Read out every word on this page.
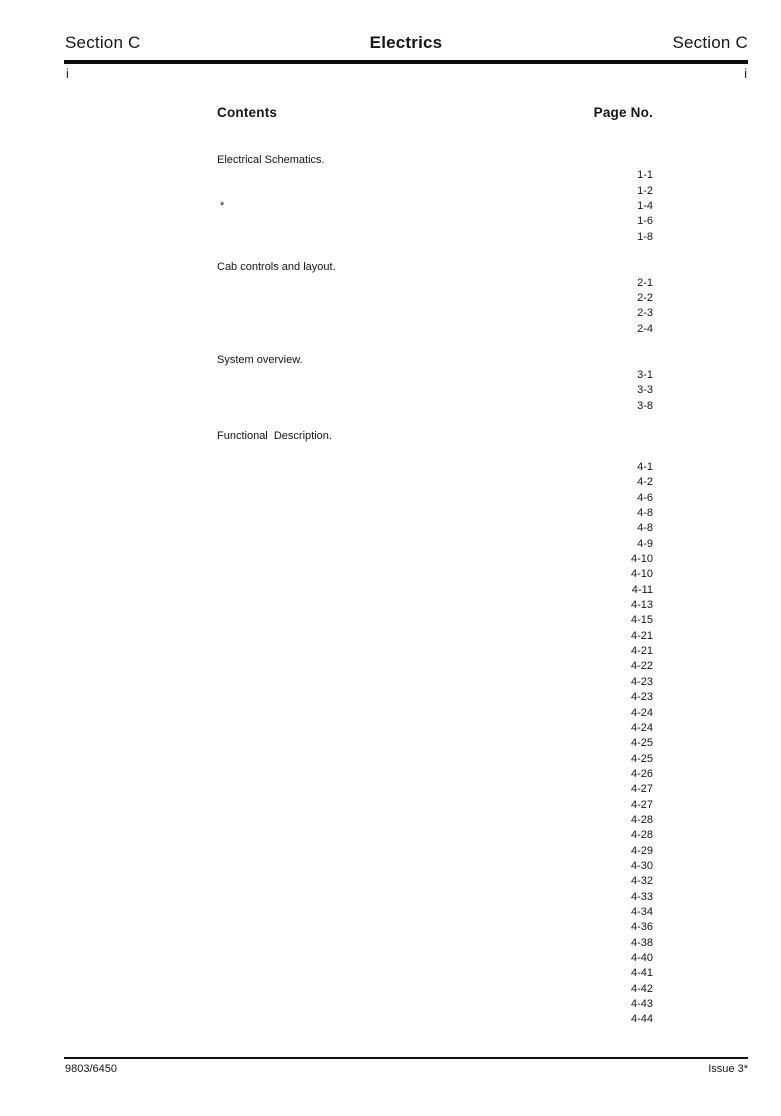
Section C	Electrics	Section C
i	i
Contents	Page No.
Electrical Schematics.
1-1
1-2
*	1-4
1-6
1-8
Cab controls and layout.
2-1
2-2
2-3
2-4
System overview.
3-1
3-3
3-8
Functional  Description.
4-1
4-2
4-6
4-8
4-8
4-9
4-10
4-10
4-11
4-13
4-15
4-21
4-21
4-22
4-23
4-23
4-24
4-24
4-25
4-25
4-26
4-27
4-27
4-28
4-28
4-29
4-30
4-32
4-33
4-34
4-36
4-38
4-40
4-41
4-42
4-43
4-44
9803/6450	Issue 3*
